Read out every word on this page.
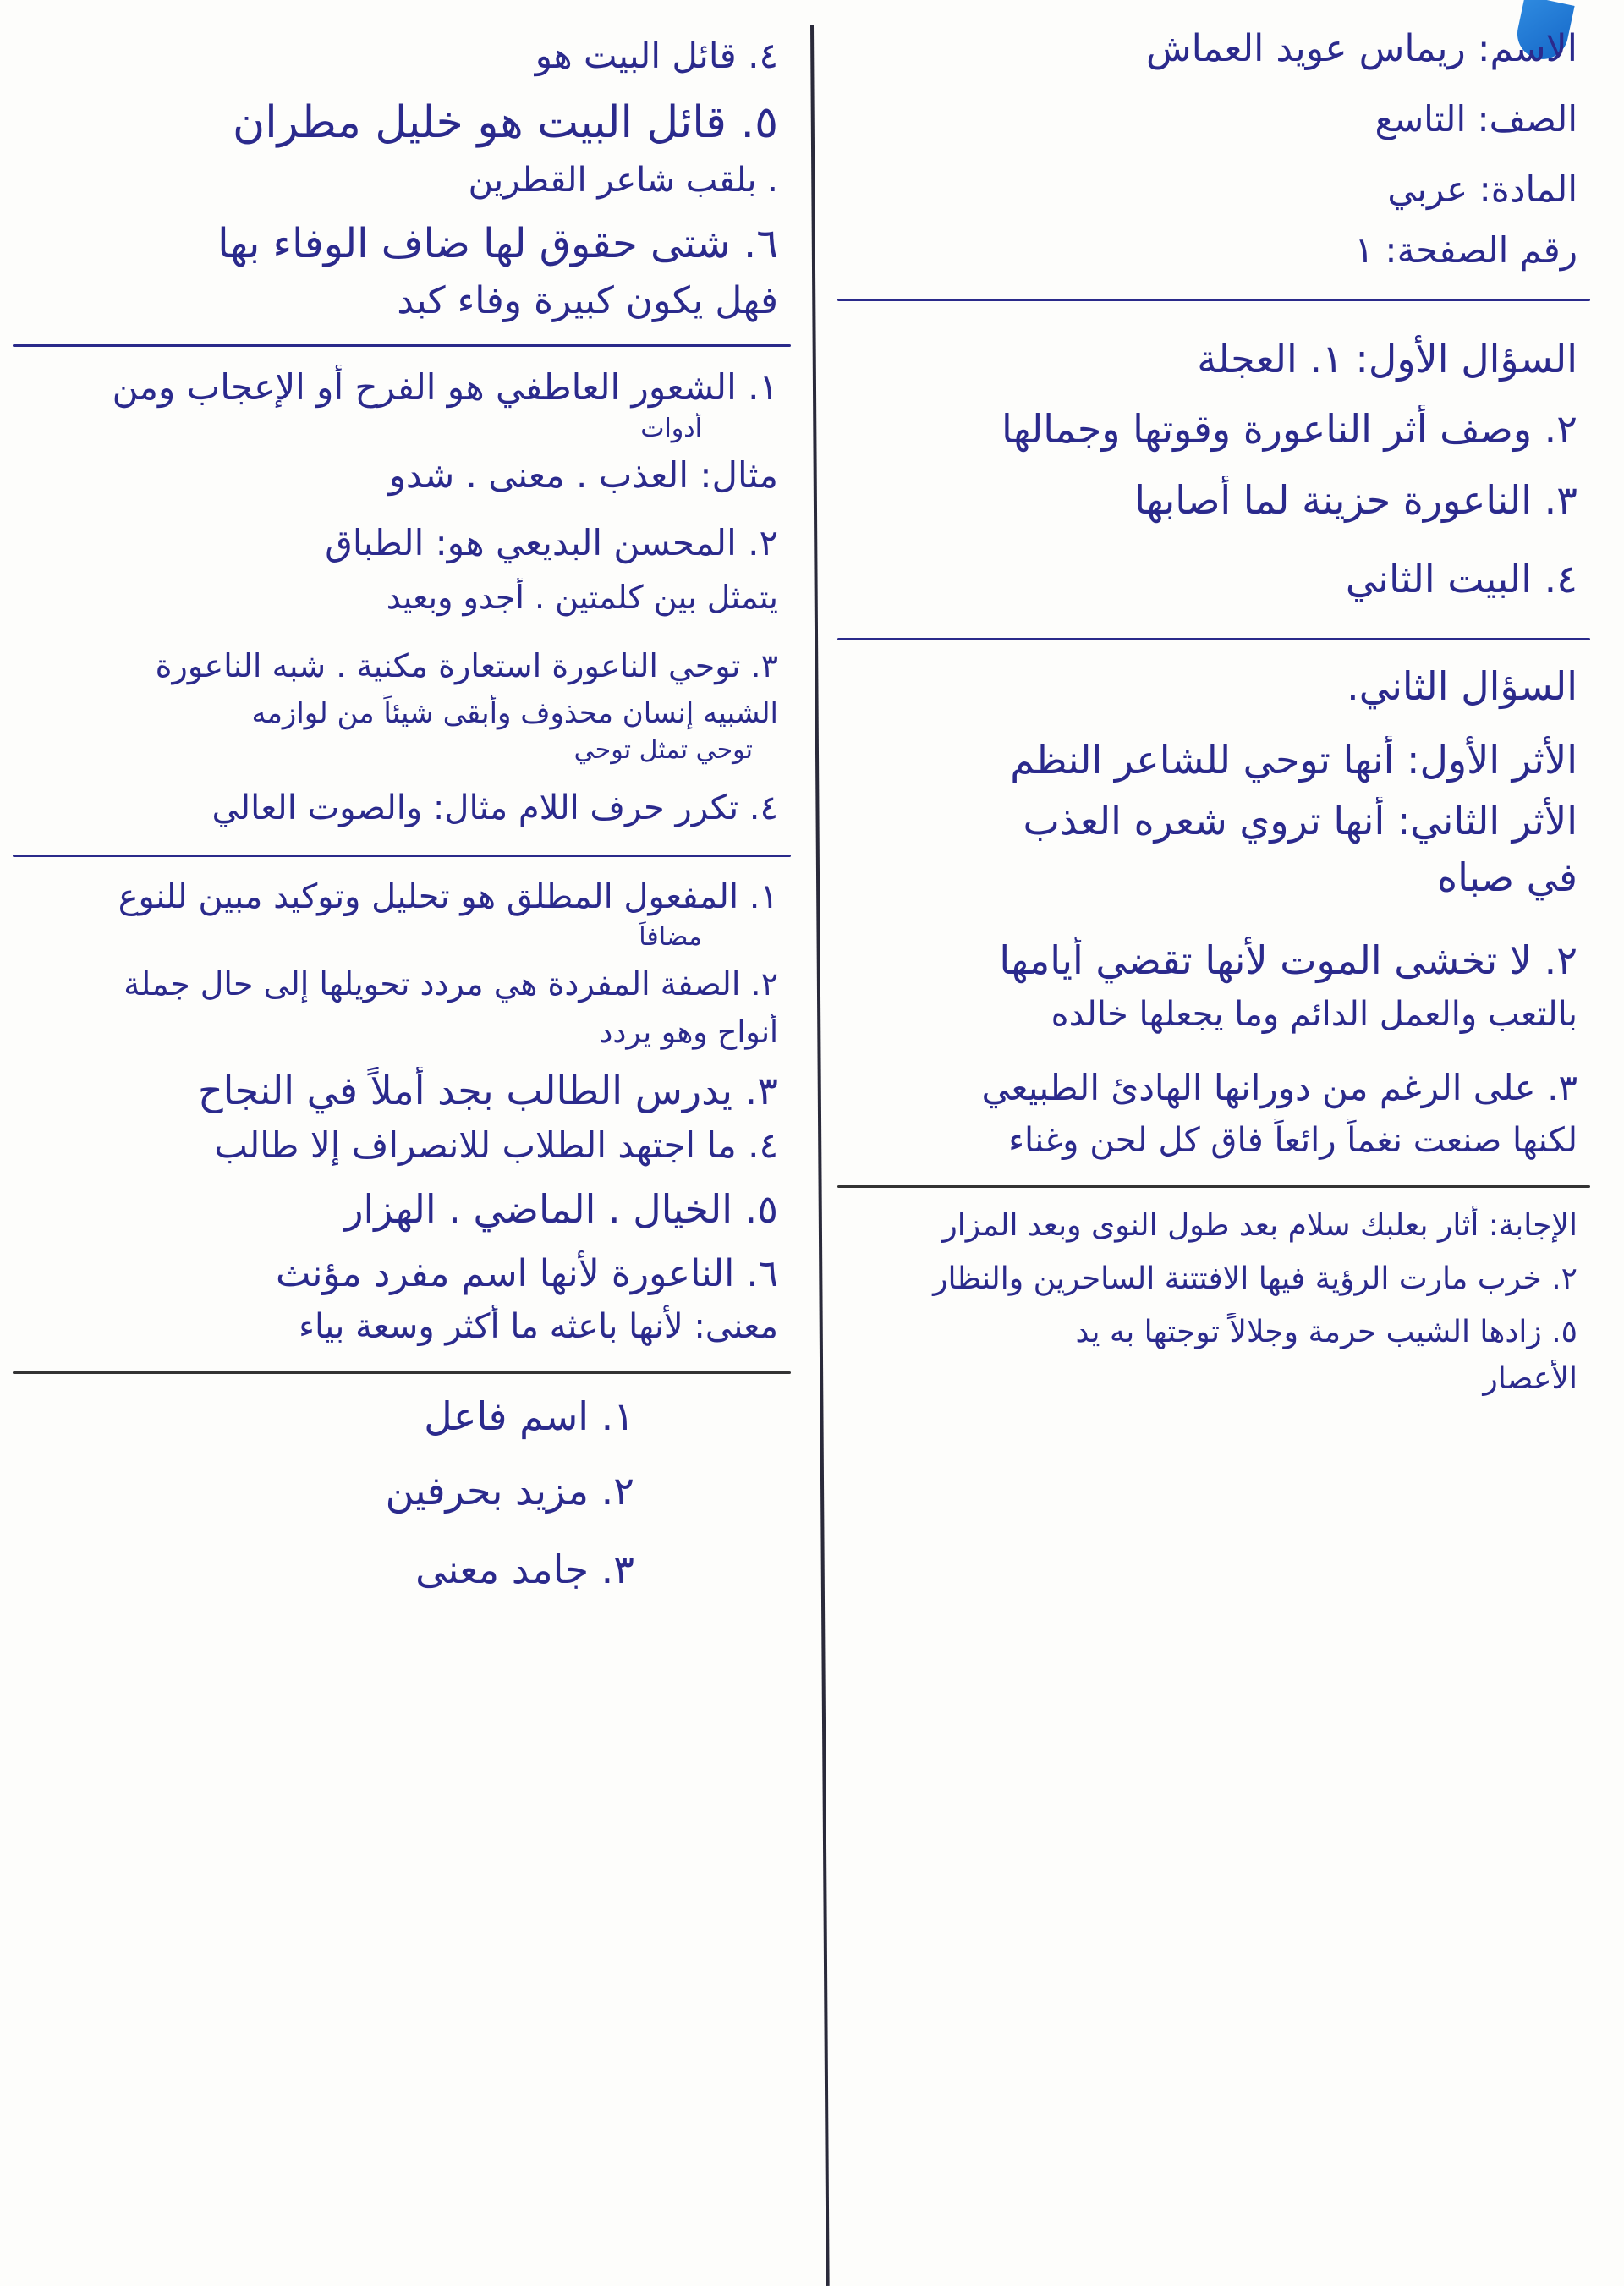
الاسم: ريماس عويد العماش
الصف: التاسع
المادة: عربي
رقم الصفحة: ١
السؤال الأول: ١. العجلة
٢. وصف أثر الناعورة وقوتها وجمالها
٣. الناعورة حزينة لما أصابها
٤. البيت الثاني
السؤال الثاني.
الأثر الأول: أنها توحي للشاعر النظم
الأثر الثاني: أنها تروي شعره العذب
في صباه
٢. لا تخشى الموت لأنها تقضي أيامها
بالتعب والعمل الدائم وما يجعلها خالده
٣. على الرغم من دورانها الهادئ الطبيعي
لكنها صنعت نغماً رائعاً فاق كل لحن وغناء
الإجابة: أثار بعلبك سلام بعد طول النوى وبعد المزار
٢. خرب مارت الرؤية فيها الافتتنة الساحرين والنظار
٥. زادها الشيب حرمة وجلالاً توجتها به يد
الأعصار
٤. قائل البيت هو
٥. قائل البيت هو خليل مطران
. بلقب شاعر القطرين
٦. شتى حقوق لها ضاف الوفاء بها
فهل يكون كبيرة وفاء كبد
١. الشعور العاطفي هو الفرح أو الإعجاب ومن
أدوات
مثال: العذب . معنى . شدو
٢. المحسن البديعي هو: الطباق
يتمثل بين كلمتين . أجدو وبعيد
٣. توحي الناعورة استعارة مكنية . شبه الناعورة
الشبيه إنسان محذوف وأبقى شيئاً من لوازمه
توحي تمثل توحي
٤. تكرر حرف اللام مثال: والصوت العالي
١. المفعول المطلق هو تحليل وتوكيد مبين للنوع
مضافاً
٢. الصفة المفردة هي مردد تحويلها إلى حال جملة
أنواح وهو يردد
٣. يدرس الطالب بجد أملاً في النجاح
٤. ما اجتهد الطلاب للانصراف إلا طالب
٥. الخيال . الماضي . الهزار
٦. الناعورة لأنها اسم مفرد مؤنث
معنى: لأنها باعثه ما أكثر وسعة بياء
١. اسم فاعل
٢. مزيد بحرفين
٣. جامد معنى
